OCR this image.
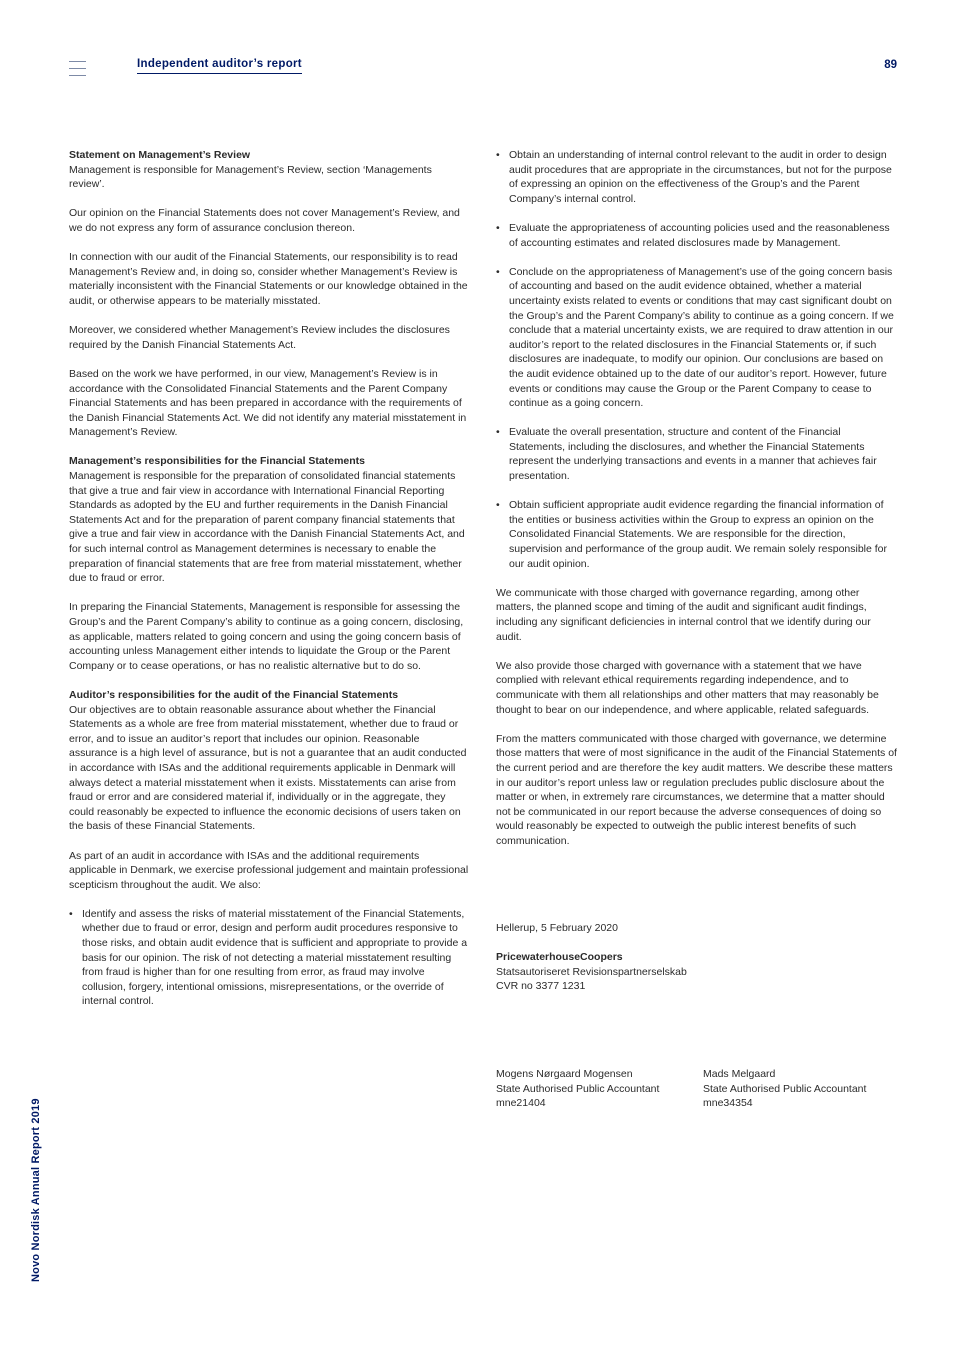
Independent auditor’s report	89

Statement on Management’s Review
Management is responsible for Management’s Review, section ‘Managements review’.

Our opinion on the Financial Statements does not cover Management’s Review, and we do not express any form of assurance conclusion thereon.

In connection with our audit of the Financial Statements, our responsibility is to read Management’s Review and, in doing so, consider whether Management’s Review is materially inconsistent with the Financial Statements or our knowledge obtained in the audit, or otherwise appears to be materially misstated.

Moreover, we considered whether Management’s Review includes the disclosures required by the Danish Financial Statements Act.

Based on the work we have performed, in our view, Management’s Review is in accordance with the Consolidated Financial Statements and the Parent Company Financial Statements and has been prepared in accordance with the requirements of the Danish Financial Statements Act. We did not identify any material misstatement in Management’s Review.

Management’s responsibilities for the Financial Statements
Management is responsible for the preparation of consolidated financial statements that give a true and fair view in accordance with International Financial Reporting Standards as adopted by the EU and further requirements in the Danish Financial Statements Act and for the preparation of parent company financial statements that give a true and fair view in accordance with the Danish Financial Statements Act, and for such internal control as Management determines is necessary to enable the preparation of financial statements that are free from material misstatement, whether due to fraud or error.

In preparing the Financial Statements, Management is responsible for assessing the Group’s and the Parent Company’s ability to continue as a going concern, disclosing, as applicable, matters related to going concern and using the going concern basis of accounting unless Management either intends to liquidate the Group or the Parent Company or to cease operations, or has no realistic alternative but to do so.

Auditor’s responsibilities for the audit of the Financial Statements
Our objectives are to obtain reasonable assurance about whether the Financial Statements as a whole are free from material misstatement, whether due to fraud or error, and to issue an auditor’s report that includes our opinion. Reasonable assurance is a high level of assurance, but is not a guarantee that an audit conducted in accordance with ISAs and the additional requirements applicable in Denmark will always detect a material misstatement when it exists. Misstatements can arise from fraud or error and are considered material if, individually or in the aggregate, they could reasonably be expected to influence the economic decisions of users taken on the basis of these Financial Statements.

As part of an audit in accordance with ISAs and the additional requirements applicable in Denmark, we exercise professional judgement and maintain professional scepticism throughout the audit. We also:

• Identify and assess the risks of material misstatement of the Financial Statements, whether due to fraud or error, design and perform audit procedures responsive to those risks, and obtain audit evidence that is sufficient and appropriate to provide a basis for our opinion. The risk of not detecting a material misstatement resulting from fraud is higher than for one resulting from error, as fraud may involve collusion, forgery, intentional omissions, misrepresentations, or the override of internal control.
• Obtain an understanding of internal control relevant to the audit in order to design audit procedures that are appropriate in the circumstances, but not for the purpose of expressing an opinion on the effectiveness of the Group’s and the Parent Company’s internal control.
• Evaluate the appropriateness of accounting policies used and the reasonableness of accounting estimates and related disclosures made by Management.
• Conclude on the appropriateness of Management’s use of the going concern basis of accounting and based on the audit evidence obtained, whether a material uncertainty exists related to events or conditions that may cast significant doubt on the Group’s and the Parent Company’s ability to continue as a going concern. If we conclude that a material uncertainty exists, we are required to draw attention in our auditor’s report to the related disclosures in the Financial Statements or, if such disclosures are inadequate, to modify our opinion. Our conclusions are based on the audit evidence obtained up to the date of our auditor’s report. However, future events or conditions may cause the Group or the Parent Company to cease to continue as a going concern.
• Evaluate the overall presentation, structure and content of the Financial Statements, including the disclosures, and whether the Financial Statements represent the underlying transactions and events in a manner that achieves fair presentation.
• Obtain sufficient appropriate audit evidence regarding the financial information of the entities or business activities within the Group to express an opinion on the Consolidated Financial Statements. We are responsible for the direction, supervision and performance of the group audit. We remain solely responsible for our audit opinion.

We communicate with those charged with governance regarding, among other matters, the planned scope and timing of the audit and significant audit findings, including any significant deficiencies in internal control that we identify during our audit.

We also provide those charged with governance with a statement that we have complied with relevant ethical requirements regarding independence, and to communicate with them all relationships and other matters that may reasonably be thought to bear on our independence, and where applicable, related safeguards.

From the matters communicated with those charged with governance, we determine those matters that were of most significance in the audit of the Financial Statements of the current period and are therefore the key audit matters. We describe these matters in our auditor’s report unless law or regulation precludes public disclosure about the matter or when, in extremely rare circumstances, we determine that a matter should not be communicated in our report because the adverse consequences of doing so would reasonably be expected to outweigh the public interest benefits of such communication.

Hellerup, 5 February 2020
PricewaterhouseCoopers
Statsautoriseret Revisionspartnerselskab
CVR no 3377 1231
Mogens Nørgaard Mogensen
State Authorised Public Accountant
mne21404
Mads Melgaard
State Authorised Public Accountant
mne34354
Novo Nordisk Annual Report 2019
